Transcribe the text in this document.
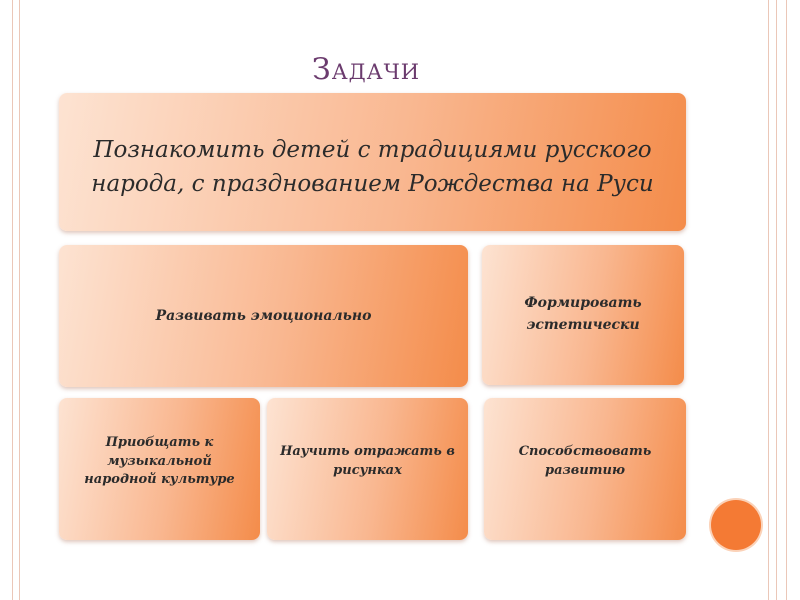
Задачи
Познакомить детей с традициями русского народа, с празднованием Рождества на Руси
Развивать эмоционально
Формировать эстетически
Приобщать к музыкальной народной культуре
Научить отражать в рисунках
Способствовать развитию
